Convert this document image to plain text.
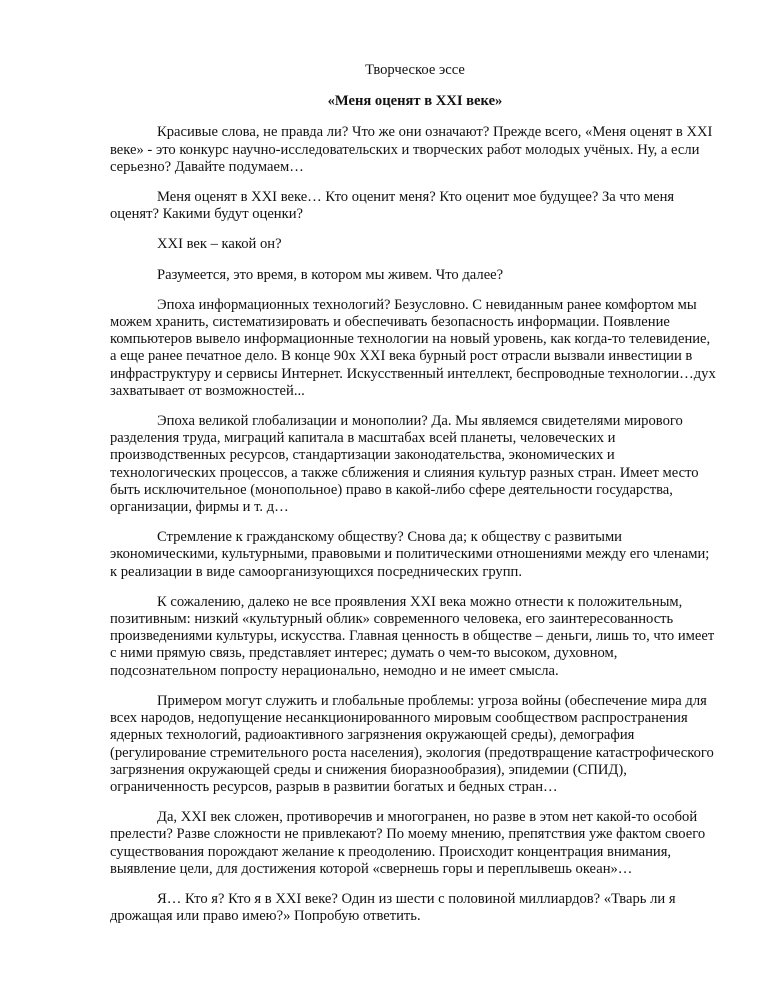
Творческое эссе

«Меня оценят в XXI веке»

Красивые слова, не правда ли? Что же они означают? Прежде всего, «Меня оценят в XXI веке» - это конкурс научно-исследовательских и творческих работ молодых учёных. Ну, а если серьезно? Давайте подумаем…

Меня оценят в XXI веке… Кто оценит меня? Кто оценит мое будущее? За что меня оценят? Какими будут оценки?

XXI век – какой он?

Разумеется, это время, в котором мы живем. Что далее?

Эпоха информационных технологий? Безусловно. С невиданным ранее комфортом мы можем хранить, систематизировать и обеспечивать безопасность информации. Появление компьютеров вывело информационные технологии на новый уровень, как когда-то телевидение, а еще ранее печатное дело. В конце 90х XXI века бурный рост отрасли вызвали инвестиции в инфраструктуру и сервисы Интернет. Искусственный интеллект, беспроводные технологии…дух захватывает от возможностей...

Эпоха великой глобализации и монополии? Да. Мы являемся свидетелями мирового разделения труда, миграций капитала в масштабах всей планеты, человеческих и производственных ресурсов, стандартизации законодательства, экономических и технологических процессов, а также сближения и слияния культур разных стран. Имеет место быть исключительное (монопольное) право в какой-либо сфере деятельности государства, организации, фирмы и т. д…

Стремление к гражданскому обществу? Снова да; к обществу с развитыми экономическими, культурными, правовыми и политическими отношениями между его членами; к реализации в виде самоорганизующихся посреднических групп.

К сожалению, далеко не все проявления XXI века можно отнести к положительным, позитивным: низкий «культурный облик» современного человека, его заинтересованность произведениями культуры, искусства. Главная ценность в обществе – деньги, лишь то, что имеет с ними прямую связь, представляет интерес; думать о чем-то высоком, духовном, подсознательном попросту нерационально, немодно и не имеет смысла.

Примером могут служить и глобальные проблемы: угроза войны (обеспечение мира для всех народов, недопущение несанкционированного мировым сообществом распространения ядерных технологий, радиоактивного загрязнения окружающей среды), демография (регулирование стремительного роста населения), экология (предотвращение катастрофического загрязнения окружающей среды и снижения биоразнообразия), эпидемии (СПИД), ограниченность ресурсов, разрыв в развитии богатых и бедных стран…

Да, XXI век сложен, противоречив и многогранен, но разве в этом нет какой-то особой прелести? Разве сложности не привлекают? По моему мнению, препятствия уже фактом своего существования порождают желание к преодолению. Происходит концентрация внимания, выявление цели, для достижения которой «свернешь горы и переплывешь океан»…

Я… Кто я? Кто я в XXI веке? Один из шести с половиной миллиардов? «Тварь ли я дрожащая или право имею?» Попробую ответить.
